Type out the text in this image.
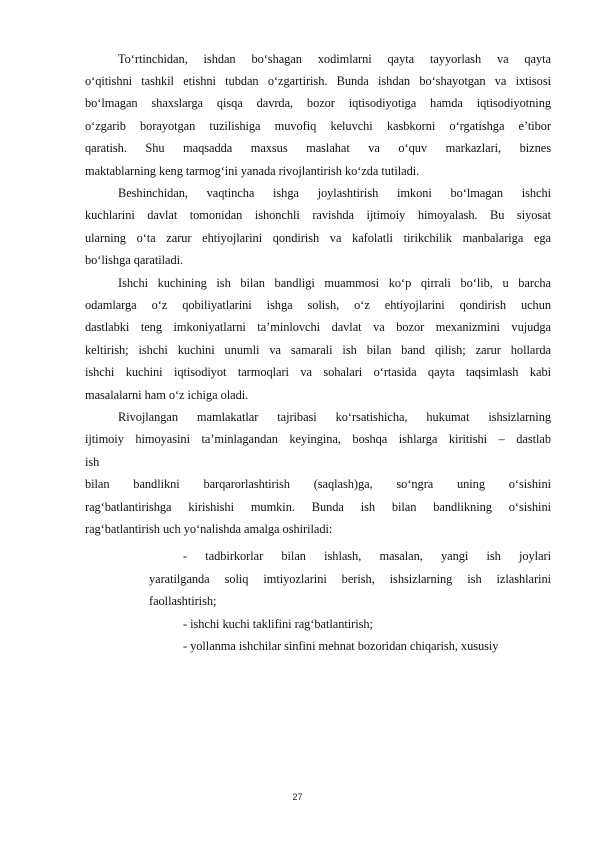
To‘rtinchidan, ishdan bo‘shagan xodimlarni qayta tayyorlash va qayta
o‘qitishni tashkil etishni tubdan o‘zgartirish. Bunda ishdan bo‘shayotgan va ixtisosi
bo‘lmagan shaxslarga qisqa davrda, bozor iqtisodiyotiga hamda iqtisodiyotning
o‘zgarib borayotgan tuzilishiga muvofiq keluvchi kasbkorni o‘rgatishga e’tibor
qaratish. Shu maqsadda maxsus maslahat va o‘quv markazlari, biznes
maktablarning keng tarmog‘ini yanada rivojlantirish ko‘zda tutiladi.
Beshinchidan, vaqtincha ishga joylashtirish imkoni bo‘lmagan ishchi
kuchlarini davlat tomonidan ishonchli ravishda ijtimoiy himoyalash. Bu siyosat
ularning o‘ta zarur ehtiyojlarini qondirish va kafolatli tirikchilik manbalariga ega
bo‘lishga qaratiladi.
Ishchi kuchining ish bilan bandligi muammosi ko‘p qirrali bo‘lib, u barcha
odamlarga o‘z qobiliyatlarini ishga solish, o‘z ehtiyojlarini qondirish uchun
dastlabki teng imkoniyatlarni ta’minlovchi davlat va bozor mexanizmini vujudga
keltirish; ishchi kuchini unumli va samarali ish bilan band qilish; zarur hollarda
ishchi kuchini iqtisodiyot tarmoqlari va sohalari o‘rtasida qayta taqsimlash kabi
masalalarni ham o‘z ichiga oladi.
Rivojlangan mamlakatlar tajribasi ko‘rsatishicha, hukumat ishsizlarning
ijtimoiy himoyasini ta’minlagandan keyingina, boshqa ishlarga kiritishi – dastlab
ish
bilan bandlikni barqarorlashtirish (saqlash)ga, so‘ngra uning o‘sishini
rag‘batlantirishga kirishishi mumkin. Bunda ish bilan bandlikning o‘sishini
rag‘batlantirish uch yo‘nalishda amalga oshiriladi:
- tadbirkorlar bilan ishlash, masalan, yangi ish joylari
yaratilganda soliq imtiyozlarini berish, ishsizlarning ish izlashlarini
faollashtirish;
- ishchi kuchi taklifini rag‘batlantirish;
- yollanma ishchilar sinfini mehnat bozoridan chiqarish, xususiy
27
